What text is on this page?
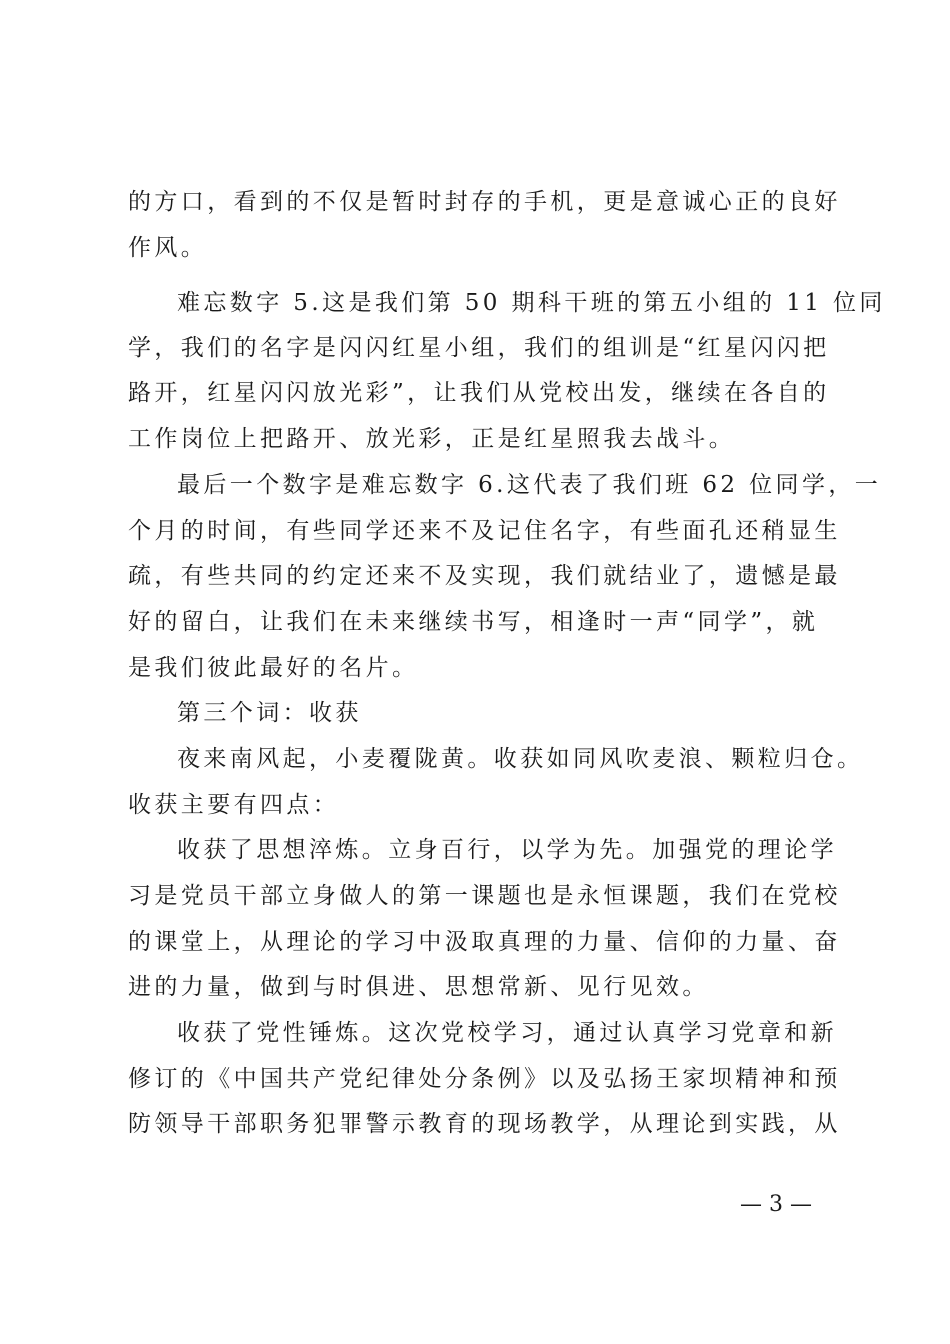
的方口，看到的不仅是暂时封存的手机，更是意诚心正的良好
作风。
难忘数字 5.这是我们第 50 期科干班的第五小组的 11 位同
学，我们的名字是闪闪红星小组，我们的组训是“红星闪闪把
路开，红星闪闪放光彩”，让我们从党校出发，继续在各自的
工作岗位上把路开、放光彩，正是红星照我去战斗。
最后一个数字是难忘数字 6.这代表了我们班 62 位同学，一
个月的时间，有些同学还来不及记住名字，有些面孔还稍显生
疏，有些共同的约定还来不及实现，我们就结业了，遗憾是最
好的留白，让我们在未来继续书写，相逢时一声“同学”，就
是我们彼此最好的名片。
第三个词：收获
夜来南风起，小麦覆陇黄。收获如同风吹麦浪、颗粒归仓。
收获主要有四点：
收获了思想淬炼。立身百行，以学为先。加强党的理论学
习是党员干部立身做人的第一课题也是永恒课题，我们在党校
的课堂上，从理论的学习中汲取真理的力量、信仰的力量、奋
进的力量，做到与时俱进、思想常新、见行见效。
收获了党性锤炼。这次党校学习，通过认真学习党章和新
修订的《中国共产党纪律处分条例》以及弘扬王家坝精神和预
防领导干部职务犯罪警示教育的现场教学，从理论到实践，从
— 3 —
